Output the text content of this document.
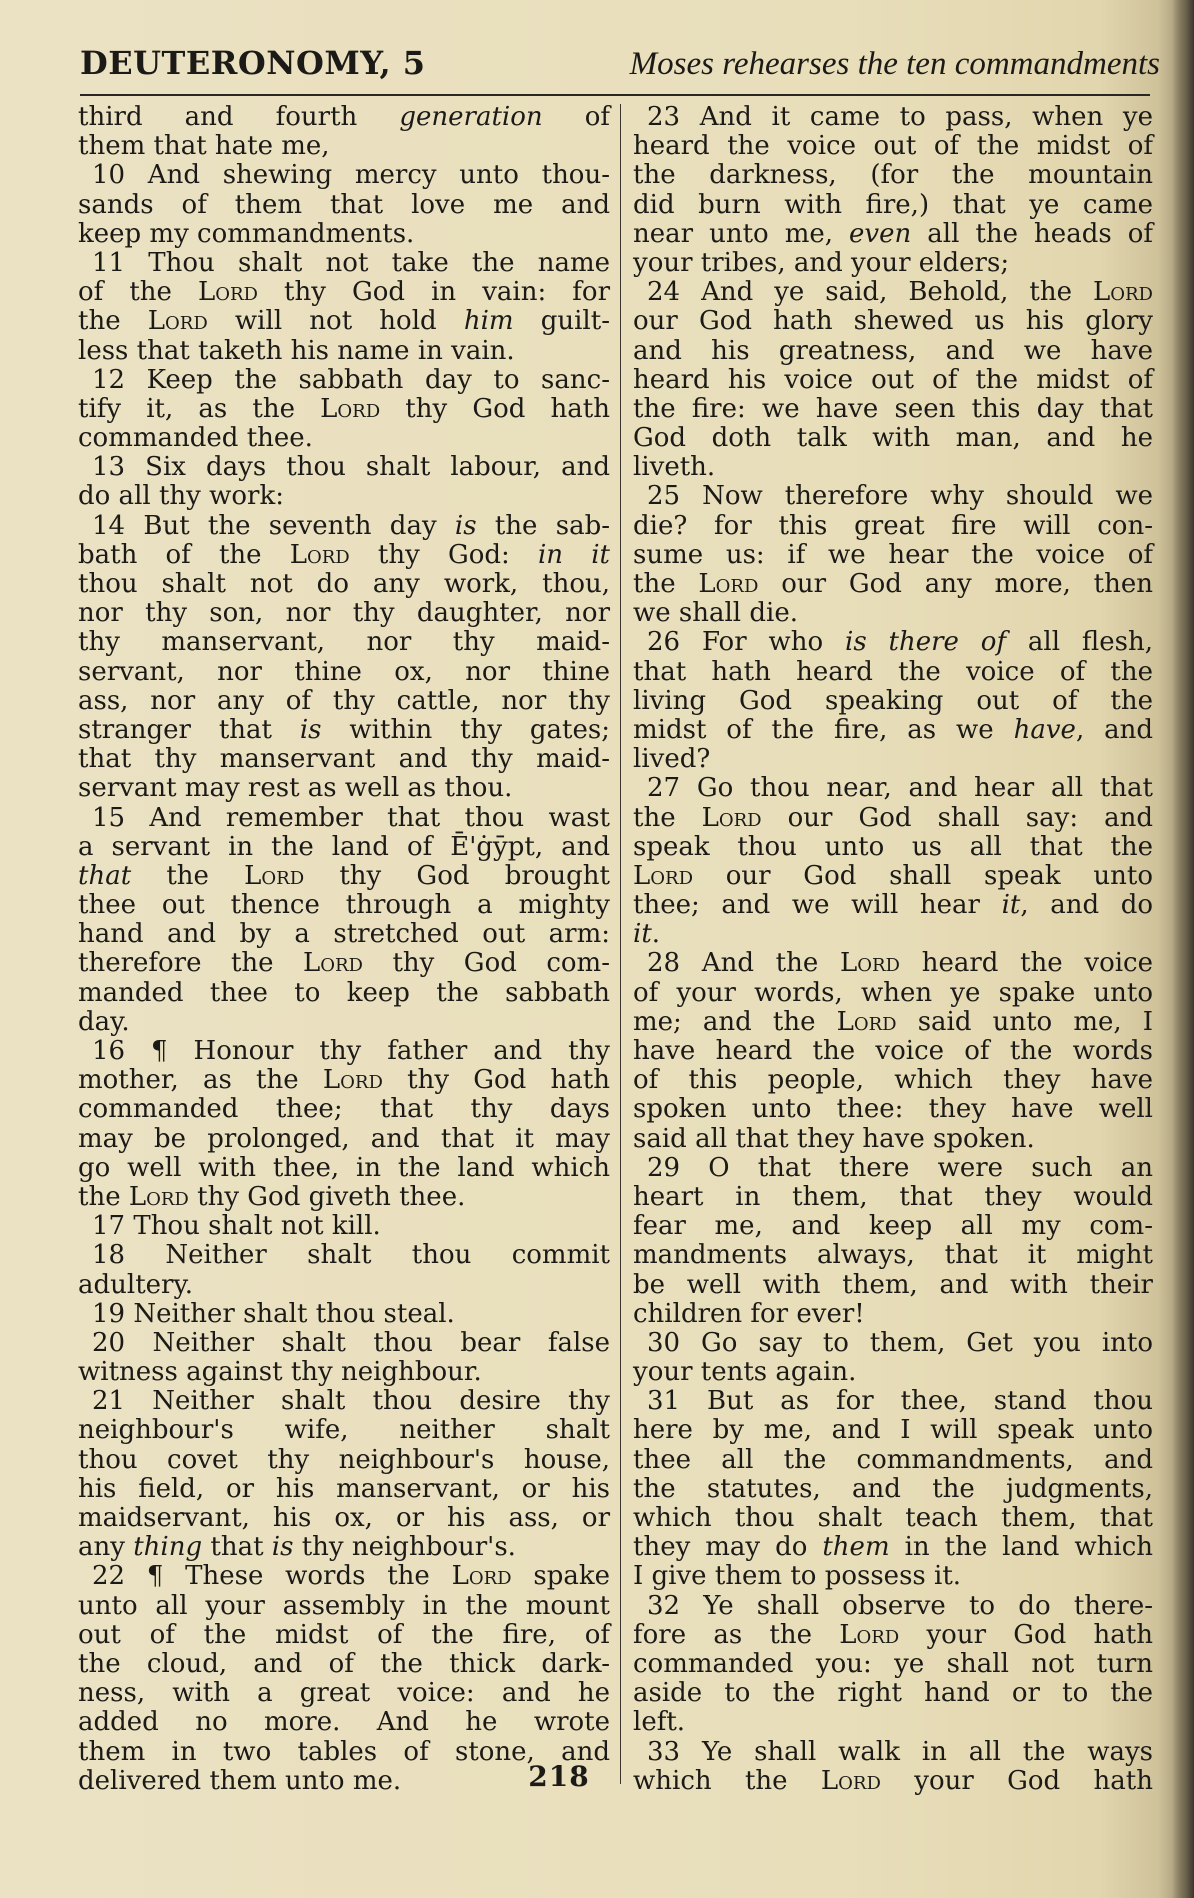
DEUTERONOMY, 5	Moses rehearses the ten commandments
third and fourth generation of
them that hate me,
10 And shewing mercy unto thou-
sands of them that love me and
keep my commandments.
11 Thou shalt not take the name
of the Lord thy God in vain: for
the Lord will not hold him guilt-
less that taketh his name in vain.
12 Keep the sabbath day to sanc-
tify it, as the Lord thy God hath
commanded thee.
13 Six days thou shalt labour, and
do all thy work:
14 But the seventh day is the sab-
bath of the Lord thy God: in it
thou shalt not do any work, thou,
nor thy son, nor thy daughter, nor
thy manservant, nor thy maid-
servant, nor thine ox, nor thine
ass, nor any of thy cattle, nor thy
stranger that is within thy gates;
that thy manservant and thy maid-
servant may rest as well as thou.
15 And remember that thou wast
a servant in the land of Ē'ġȳpt, and
that the Lord thy God brought
thee out thence through a mighty
hand and by a stretched out arm:
therefore the Lord thy God com-
manded thee to keep the sabbath
day.
16 ¶ Honour thy father and thy
mother, as the Lord thy God hath
commanded thee; that thy days
may be prolonged, and that it may
go well with thee, in the land which
the Lord thy God giveth thee.
17 Thou shalt not kill.
18 Neither shalt thou commit
adultery.
19 Neither shalt thou steal.
20 Neither shalt thou bear false
witness against thy neighbour.
21 Neither shalt thou desire thy
neighbour's wife, neither shalt
thou covet thy neighbour's house,
his field, or his manservant, or his
maidservant, his ox, or his ass, or
any thing that is thy neighbour's.
22 ¶ These words the Lord spake
unto all your assembly in the mount
out of the midst of the fire, of
the cloud, and of the thick dark-
ness, with a great voice: and he
added no more. And he wrote
them in two tables of stone, and
delivered them unto me.
23 And it came to pass, when ye
heard the voice out of the midst of
the darkness, (for the mountain
did burn with fire,) that ye came
near unto me, even all the heads of
your tribes, and your elders;
24 And ye said, Behold, the Lord
our God hath shewed us his glory
and his greatness, and we have
heard his voice out of the midst of
the fire: we have seen this day that
God doth talk with man, and he
liveth.
25 Now therefore why should we
die? for this great fire will con-
sume us: if we hear the voice of
the Lord our God any more, then
we shall die.
26 For who is there of all flesh,
that hath heard the voice of the
living God speaking out of the
midst of the fire, as we have, and
lived?
27 Go thou near, and hear all that
the Lord our God shall say: and
speak thou unto us all that the
Lord our God shall speak unto
thee; and we will hear it, and do
it.
28 And the Lord heard the voice
of your words, when ye spake unto
me; and the Lord said unto me, I
have heard the voice of the words
of this people, which they have
spoken unto thee: they have well
said all that they have spoken.
29 O that there were such an
heart in them, that they would
fear me, and keep all my com-
mandments always, that it might
be well with them, and with their
children for ever!
30 Go say to them, Get you into
your tents again.
31 But as for thee, stand thou
here by me, and I will speak unto
thee all the commandments, and
the statutes, and the judgments,
which thou shalt teach them, that
they may do them in the land which
I give them to possess it.
32 Ye shall observe to do there-
fore as the Lord your God hath
commanded you: ye shall not turn
aside to the right hand or to the
left.
33 Ye shall walk in all the ways
which the Lord your God hath
218
